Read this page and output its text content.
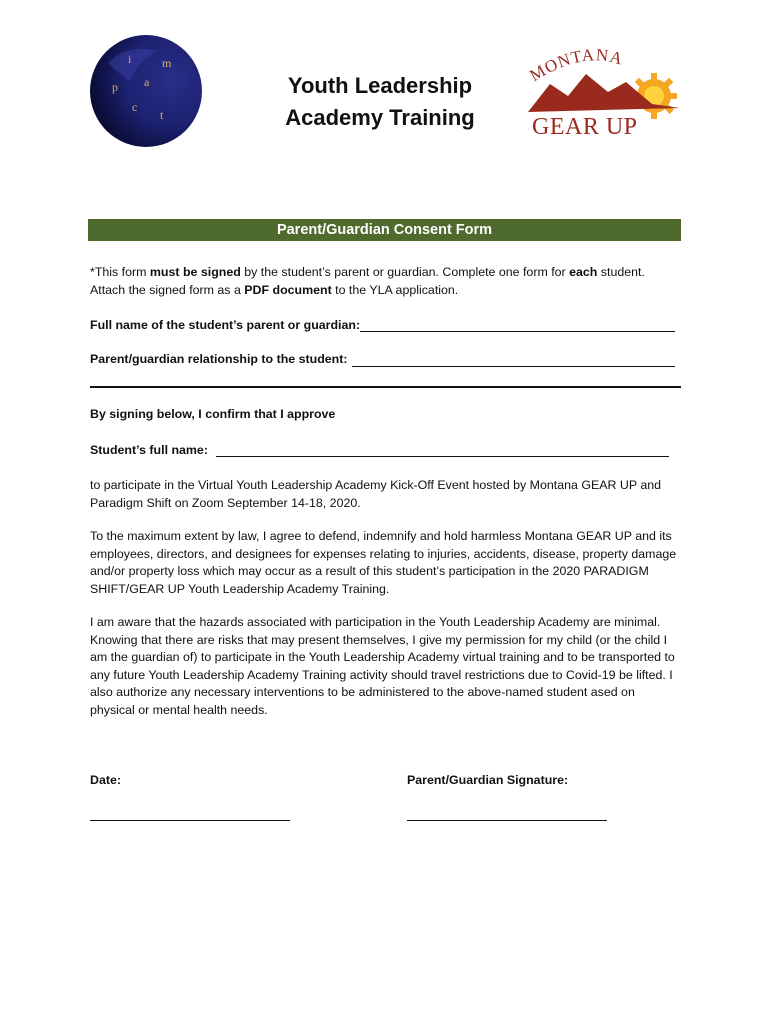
i	m
p a
c
t
Youth Leadership
Academy Training
MONTANA
GEAR UP
Parent/Guardian Consent Form
*This form must be signed by the student’s parent or guardian. Complete one form for each student. Attach the signed form as a PDF document to the YLA application.
Full name of the student’s parent or guardian:
Parent/guardian relationship to the student:
By signing below, I confirm that I approve
Student’s full name:
to participate in the Virtual Youth Leadership Academy Kick-Off Event hosted by Montana GEAR UP and Paradigm Shift on Zoom September 14-18, 2020.
To the maximum extent by law, I agree to defend, indemnify and hold harmless Montana GEAR UP and its employees, directors, and designees for expenses relating to injuries, accidents, disease, property damage and/or property loss which may occur as a result of this student’s participation in the 2020 PARADIGM SHIFT/GEAR UP Youth Leadership Academy Training.
I am aware that the hazards associated with participation in the Youth Leadership Academy are minimal. Knowing that there are risks that may present themselves, I give my permission for my child (or the child I am the guardian of) to participate in the Youth Leadership Academy virtual training and to be transported to any future Youth Leadership Academy Training activity should travel restrictions due to Covid-19 be lifted. I also authorize any necessary interventions to be administered to the above-named student ased on physical or mental health needs.
Date:	Parent/Guardian Signature:
